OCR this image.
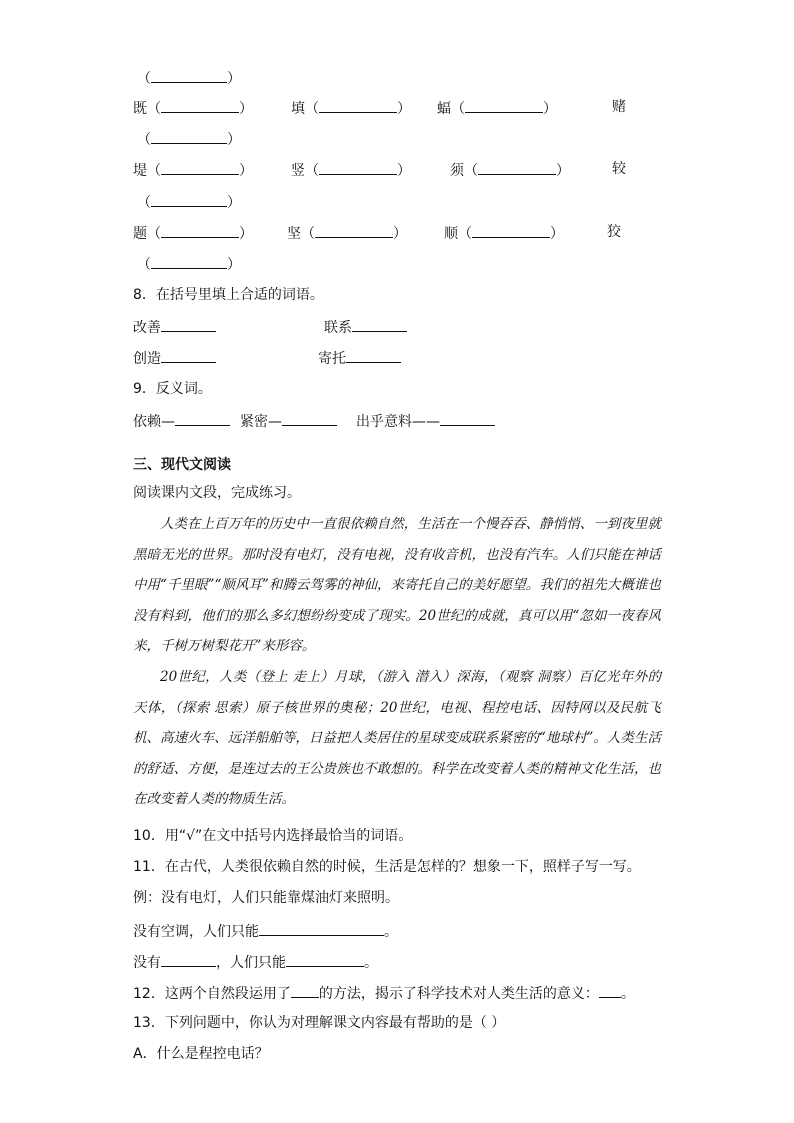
（	）
既（	）	填（	） 蝠（	）	赌
（	）
堤（	）	竖（	）	须（	）	较
（	）
题（	） 坚（	）	顺（	）	狡
（	）
8．在括号里填上合适的词语。
改善	联系
创造	寄托
9．反义词。
依赖—	紧密—	出乎意料——
三、现代文阅读
阅读课内文段，完成练习。

人类在上百万年的历史中一直很依赖自然，生活在一个慢吞吞、静悄悄、一到夜里就黑暗无光的世界。那时没有电灯，没有电视，没有收音机，也没有汽车。人们只能在神话中用“千里眼”“顺风耳”和腾云驾雾的神仙，来寄托自己的美好愿望。我们的祖先大概谁也没有料到，他们的那么多幻想纷纷变成了现实。20世纪的成就，真可以用“忽如一夜春风来，千树万树梨花开”来形容。

20世纪，人类（登上 走上）月球，（游入 潜入）深海，（观察 洞察）百亿光年外的天体，（探索 思索）原子核世界的奥秘；20世纪，电视、程控电话、因特网以及民航飞机、高速火车、远洋船舶等，日益把人类居住的星球变成联系紧密的“地球村”。人类生活的舒适、方便，是连过去的王公贵族也不敢想的。科学在改变着人类的精神文化生活，也在改变着人类的物质生活。

10．用“√”在文中括号内选择最恰当的词语。
11．在古代，人类很依赖自然的时候，生活是怎样的？想象一下，照样子写一写。
例：没有电灯，人们只能靠煤油灯来照明。
没有空调，人们只能	。
没有	，人们只能	。
12．这两个自然段运用了 的方法，揭示了科学技术对人类生活的意义： 。
13．下列问题中，你认为对理解课文内容最有帮助的是（ ）
A．什么是程控电话？
